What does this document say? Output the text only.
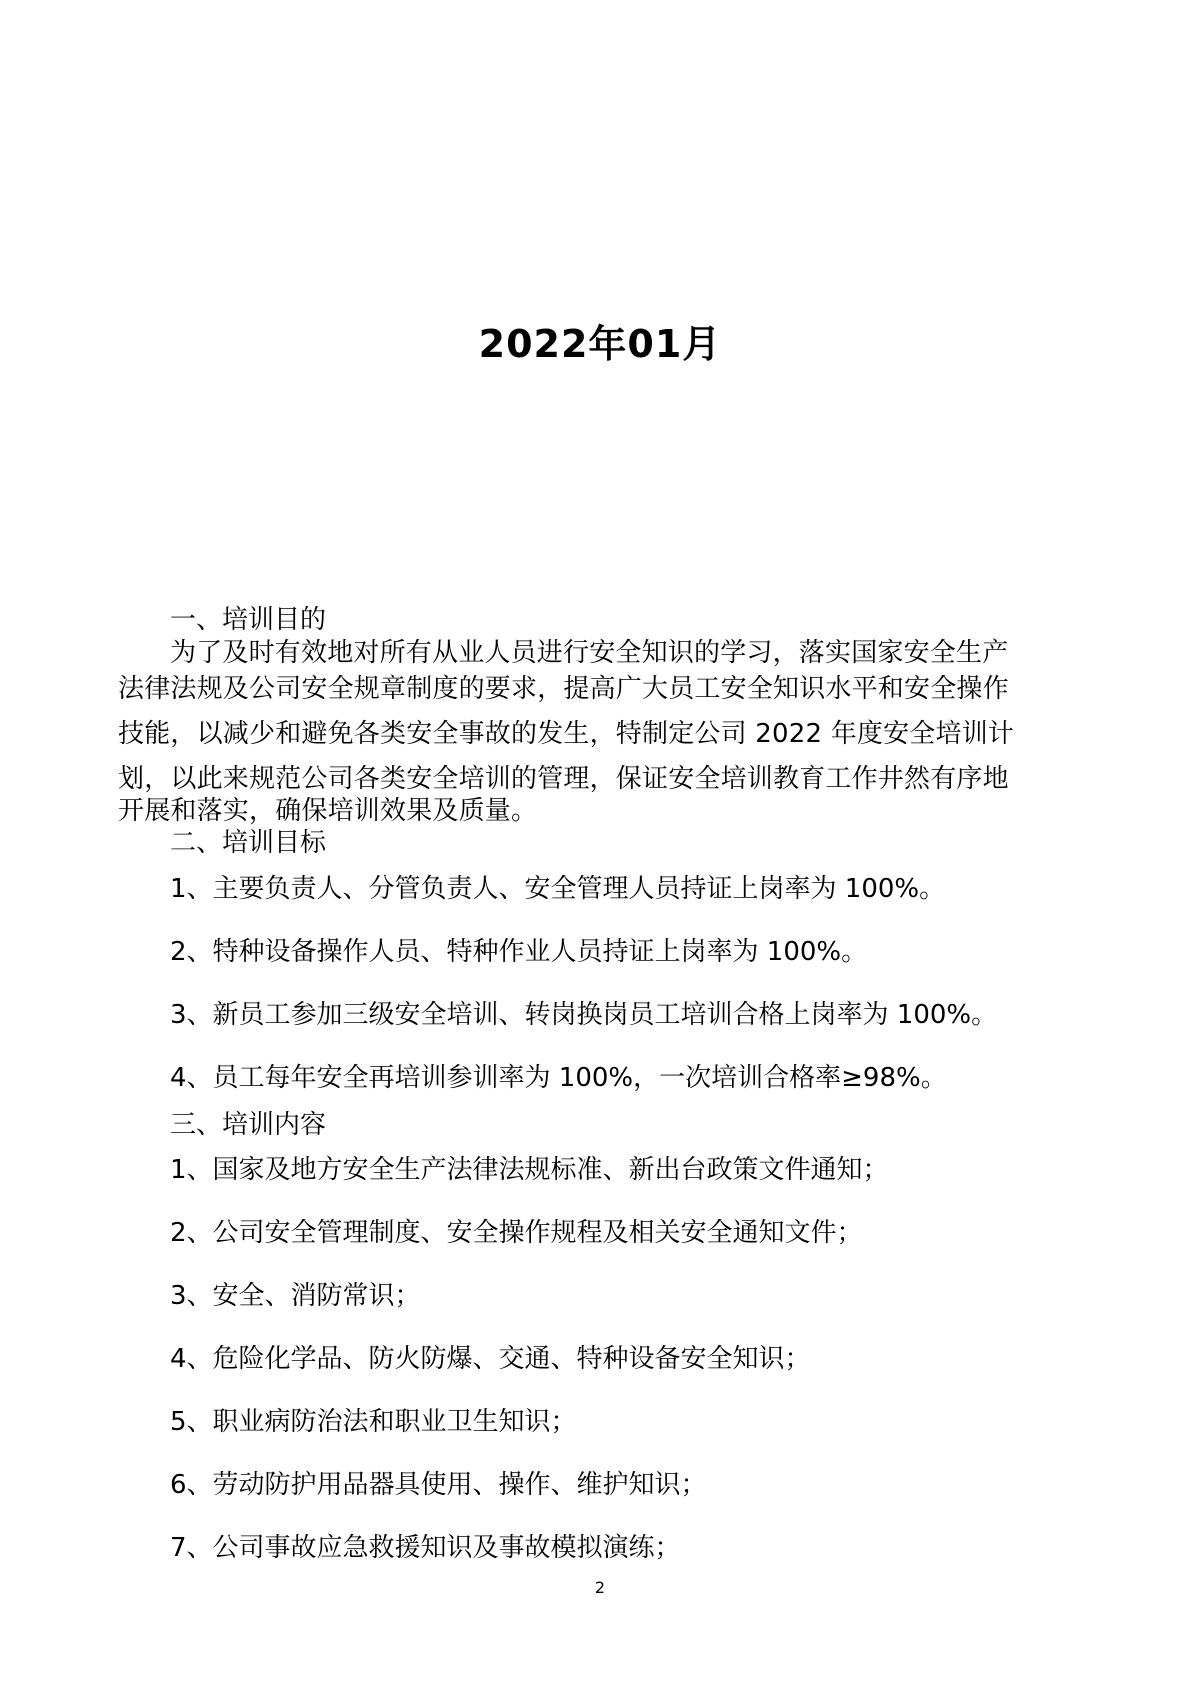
2022年01月
一、培训目的
为了及时有效地对所有从业人员进行安全知识的学习，落实国家安全生产
法律法规及公司安全规章制度的要求，提高广大员工安全知识水平和安全操作
技能，以减少和避免各类安全事故的发生，特制定公司 2022 年度安全培训计
划，以此来规范公司各类安全培训的管理，保证安全培训教育工作井然有序地
开展和落实，确保培训效果及质量。
二、培训目标
1、主要负责人、分管负责人、安全管理人员持证上岗率为 100%。
2、特种设备操作人员、特种作业人员持证上岗率为 100%。
3、新员工参加三级安全培训、转岗换岗员工培训合格上岗率为 100%。
4、员工每年安全再培训参训率为 100%，一次培训合格率≥98%。
三、培训内容
1、国家及地方安全生产法律法规标准、新出台政策文件通知；
2、公司安全管理制度、安全操作规程及相关安全通知文件；
3、安全、消防常识；
4、危险化学品、防火防爆、交通、特种设备安全知识；
5、职业病防治法和职业卫生知识；
6、劳动防护用品器具使用、操作、维护知识；
7、公司事故应急救援知识及事故模拟演练；
2
